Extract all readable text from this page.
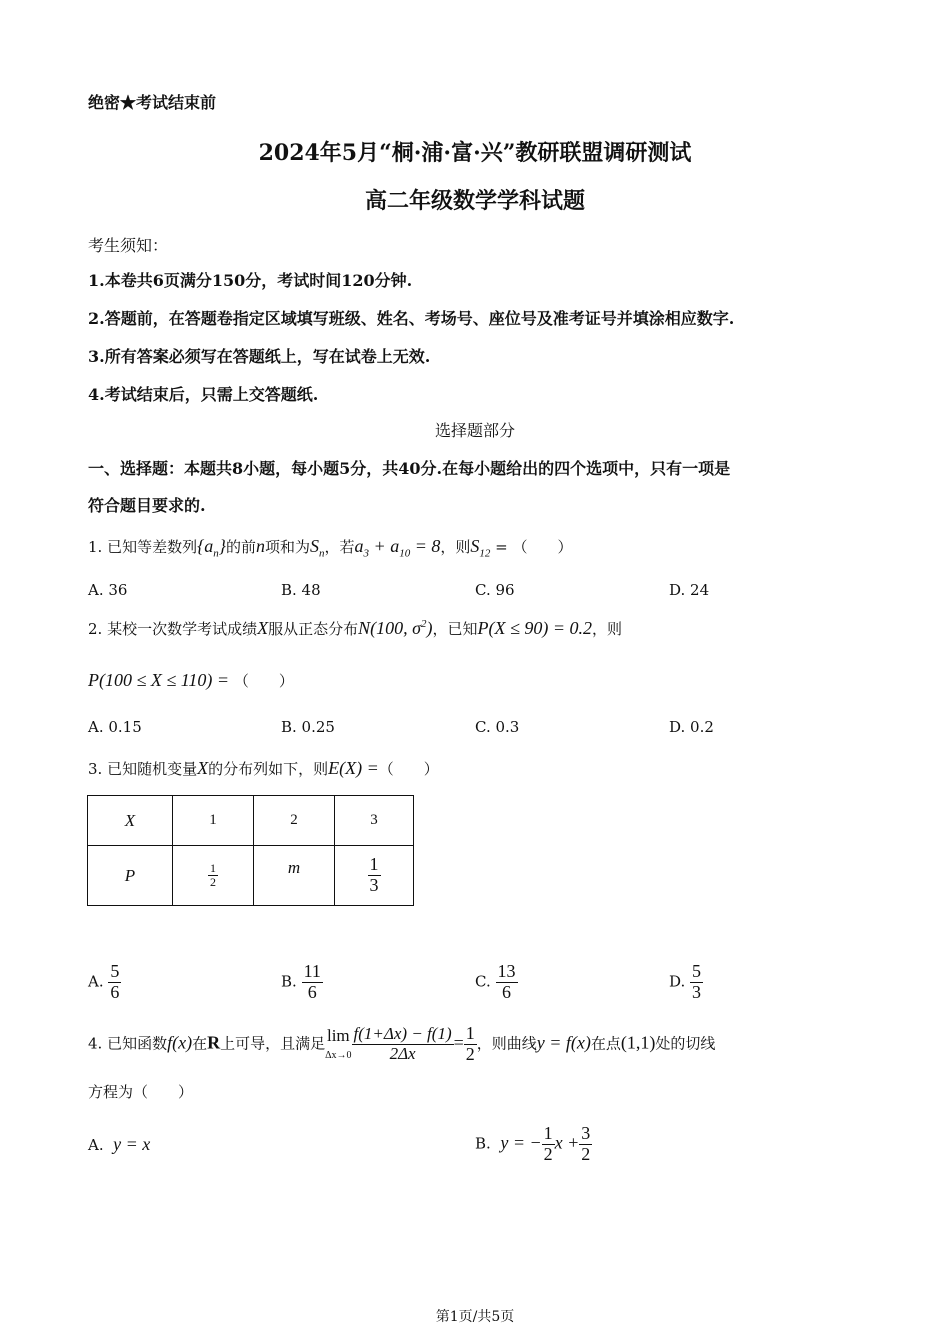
绝密★考试结束前
2024年5月“桐·浦·富·兴”教研联盟调研测试
高二年级数学学科试题
考生须知：
1.本卷共6页满分150分，考试时间120分钟.
2.答题前，在答题卷指定区域填写班级、姓名、考场号、座位号及准考证号并填涂相应数字.
3.所有答案必须写在答题纸上，写在试卷上无效.
4.考试结束后，只需上交答题纸.
选择题部分
一、选择题：本题共8小题，每小题5分，共40分.在每小题给出的四个选项中，只有一项是
符合题目要求的.
1. 已知等差数列$\{a_n\}$的前n项和为$S_n$，若$a_3 + a_{10} = 8$，则$S_{12}$ = （　　）
A. 36	B. 48	C. 96	D. 24
2. 某校一次数学考试成绩X服从正态分布N(100, $\sigma^2$)，已知P(X ≤ 90) = 0.2，则
P(100 ≤ X ≤ 110) = （　　）
A. 0.15	B. 0.25	C. 0.3	D. 0.2
3. 已知随机变量X的分布列如下，则E(X) =（　　）
X	1	2	3
P	$\frac{1}{2}$	m	$\frac{1}{3}$
A. $\frac{5}{6}$	B. $\frac{11}{6}$	C. $\frac{13}{6}$	D. $\frac{5}{3}$
4. 已知函数f(x)在R上可导，且满足 lim
$\Delta x\to 0 \frac{f(1+\Delta x) - f(1)}{2\Delta x} = \frac{1}{2}$ ，则曲线y = f(x)在点(1,1)处的切线
方程为（　　）
A. y = x	B. y = − $\frac{1}{2}$ $x + \frac{3}{2}$
第1页/共5页
